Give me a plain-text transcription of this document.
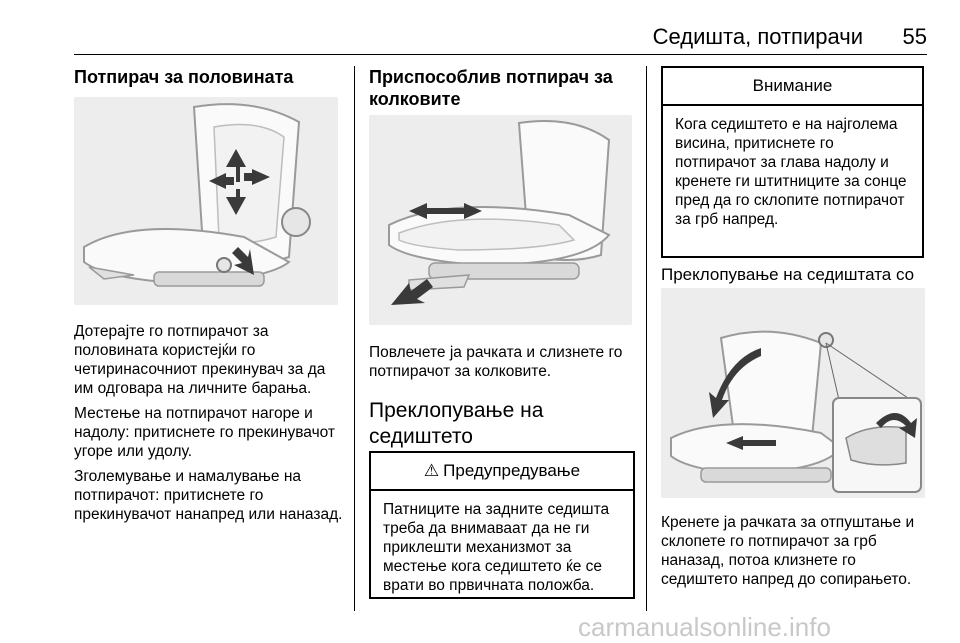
Седишта, потпирачи 55
Потпирач за половината

Дотерајте го потпирачот за половината користејќи го четиринасочниот прекинувач за да им одговара на личните барања.

Местење на потпирачот нагоре и надолу: притиснете го прекинувачот угоре или удолу.

Зголемување и намалување на потпирачот: притиснете го прекинувачот нанапред или наназад.

Приспособлив потпирач за колковите

Повлечете ја рачката и слизнете го потпирачот за колковите.

Преклопување на седиштето
⚠ Предупредување
Патниците на задните седишта треба да внимаваат да не ги приклешти механизмот за местење кога седиштето ќе се врати во првичната положба.
Внимание
Кога седиштето е на најголема висина, притиснете го потпирачот за глава надолу и кренете ги штитниците за сонце пред да го склопите потпирачот за грб напред.
Преклопување на седиштата со

Кренете ја рачката за отпуштање и склопете го потпирачот за грб наназад, потоа клизнете го седиштето напред до сопирањето.

carmanualsonline.info
